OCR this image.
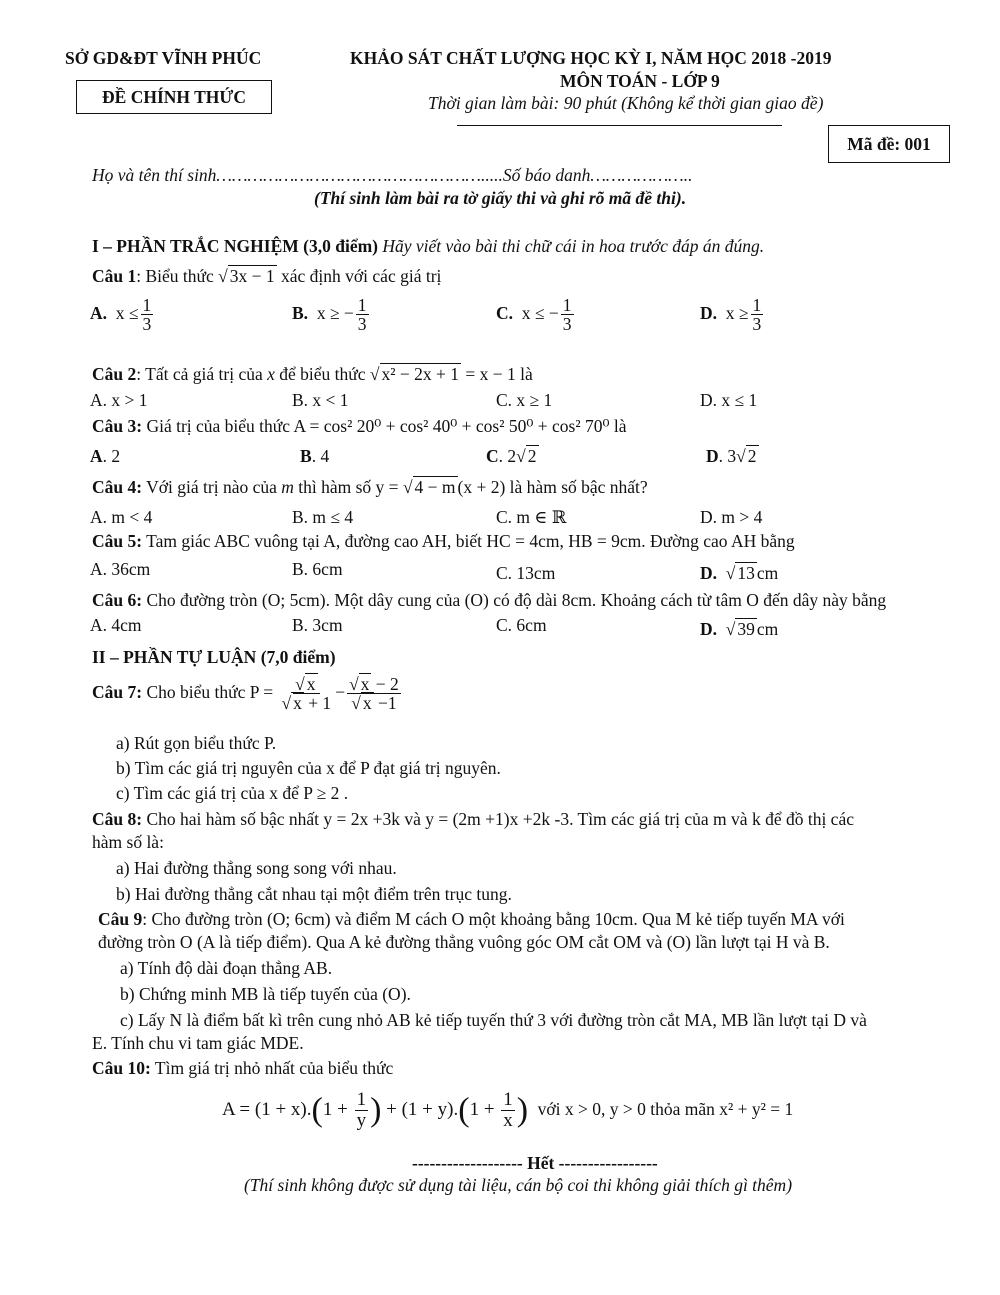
SỞ GD&ĐT VĨNH PHÚC
ĐỀ CHÍNH THỨC
KHẢO SÁT CHẤT LƯỢNG HỌC KỲ I, NĂM HỌC 2018 -2019
MÔN TOÁN - LỚP 9
Thời gian làm bài: 90 phút (Không kể thời gian giao đề)
Mã đề: 001
Họ và tên thí sinh…………………………………………….....Số báo danh………………..
(Thí sinh làm bài ra tờ giấy thi và ghi rõ mã đề thi).
I – PHẦN TRẮC NGHIỆM (3,0 điểm) Hãy viết vào bài thi chữ cái in hoa trước đáp án đúng.
Câu 1: Biểu thức √ 3x − 1 xác định với các giá trị
A. $x \le \frac{1}{3}$	B. x ≥ − $\frac{1}{3}$	C. x ≤ − $\frac{1}{3}$	D. $x \ge \frac{1}{3}$
Câu 2: Tất cả giá trị của x để biểu thức √ x² − 2x + 1 = x − 1 là
A. x > 1	B. x < 1	C. x ≥ 1	D. x ≤ 1
Câu 3: Giá trị của biểu thức A = cos² 20⁰ + cos² 40⁰ + cos² 50⁰ + cos² 70⁰ là
A. 2	B. 4	C. 2√ 2	D. 3√ 2
Câu 4: Với giá trị nào của m thì hàm số y = √ 4 − m (x + 2) là hàm số bậc nhất?
A. m < 4	B. m ≤ 4	C. m ∈ ℝ	D. m > 4
Câu 5: Tam giác ABC vuông tại A, đường cao AH, biết HC = 4cm, HB = 9cm. Đường cao AH bằng
A. 36cm	B. 6cm	C. 13cm	D. √ 13 cm
Câu 6: Cho đường tròn (O; 5cm). Một dây cung của (O) có độ dài 8cm. Khoảng cách từ tâm O đến dây này bằng
A. 4cm	B. 3cm	C. 6cm	D. √ 39 cm
II – PHẦN TỰ LUẬN (7,0 điểm)
Câu 7: Cho biểu thức $P = \frac{√ x}{√ x + 1} - \frac{√ x - 2}{√ x -1}$
a) Rút gọn biểu thức P.
b) Tìm các giá trị nguyên của x để P đạt giá trị nguyên.
c) Tìm các giá trị của x để P ≥ 2 .
Câu 8: Cho hai hàm số bậc nhất y = 2x +3k và y = (2m +1)x +2k -3. Tìm các giá trị của m và k để đồ thị các
hàm số là:
a) Hai đường thẳng song song với nhau.
b) Hai đường thẳng cắt nhau tại một điểm trên trục tung.
Câu 9: Cho đường tròn (O; 6cm) và điểm M cách O một khoảng bằng 10cm. Qua M kẻ tiếp tuyến MA với
đường tròn O (A là tiếp điểm). Qua A kẻ đường thẳng vuông góc OM cắt OM và (O) lần lượt tại H và B.
a) Tính độ dài đoạn thẳng AB.
b) Chứng minh MB là tiếp tuyến của (O).
c) Lấy N là điểm bất kì trên cung nhỏ AB kẻ tiếp tuyến thứ 3 với đường tròn cắt MA, MB lần lượt tại D và
E. Tính chu vi tam giác MDE.
Câu 10: Tìm giá trị nhỏ nhất của biểu thức
$A = (1 + x).(1 + \frac{1}{y}$ ) + $(1 + y).(1 + \frac{1}{x}$ ) với x > 0, y > 0 thỏa mãn x² + y² = 1
------------------- Hết -----------------
(Thí sinh không được sử dụng tài liệu, cán bộ coi thi không giải thích gì thêm)
